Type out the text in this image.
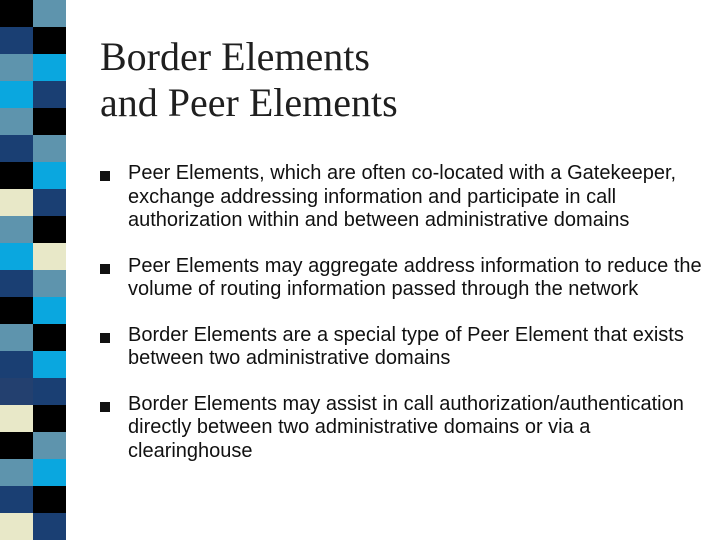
Border Elements
and Peer Elements
Peer Elements, which are often co-located with a Gatekeeper, exchange addressing information and participate in call authorization within and between administrative domains
Peer Elements may aggregate address information to reduce the volume of routing information passed through the network
Border Elements are a special type of Peer Element that exists between two administrative domains
Border Elements may assist in call authorization/authentication directly between two administrative domains or via a clearinghouse
